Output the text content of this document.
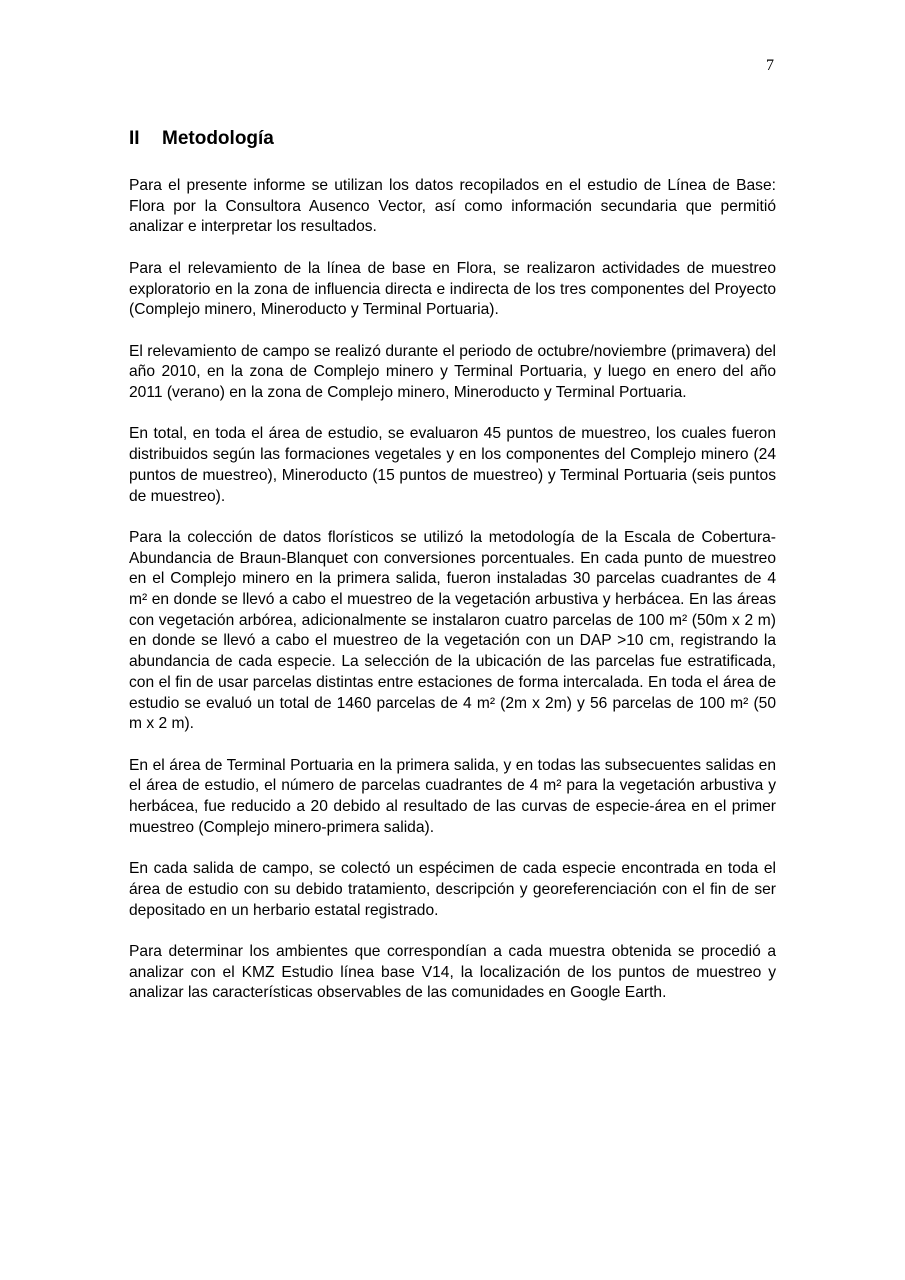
7
II Metodología

Para el presente informe se utilizan los datos recopilados en el estudio de Línea de Base: Flora por la Consultora Ausenco Vector, así como información secundaria que permitió analizar e interpretar los resultados.

Para el relevamiento de la línea de base en Flora, se realizaron actividades de muestreo exploratorio en la zona de influencia directa e indirecta de los tres componentes del Proyecto (Complejo minero, Mineroducto y Terminal Portuaria).

El relevamiento de campo se realizó durante el periodo de octubre/noviembre (primavera) del año 2010, en la zona de Complejo minero y Terminal Portuaria, y luego en enero del año 2011 (verano) en la zona de Complejo minero, Mineroducto y Terminal Portuaria.

En total, en toda el área de estudio, se evaluaron 45 puntos de muestreo, los cuales fueron distribuidos según las formaciones vegetales y en los componentes del Complejo minero (24 puntos de muestreo), Mineroducto (15 puntos de muestreo) y Terminal Portuaria (seis puntos de muestreo).

Para la colección de datos florísticos se utilizó la metodología de la Escala de Cobertura-Abundancia de Braun-Blanquet con conversiones porcentuales. En cada punto de muestreo en el Complejo minero en la primera salida, fueron instaladas 30 parcelas cuadrantes de 4 m² en donde se llevó a cabo el muestreo de la vegetación arbustiva y herbácea. En las áreas con vegetación arbórea, adicionalmente se instalaron cuatro parcelas de 100 m² (50m x 2 m) en donde se llevó a cabo el muestreo de la vegetación con un DAP >10 cm, registrando la abundancia de cada especie. La selección de la ubicación de las parcelas fue estratificada, con el fin de usar parcelas distintas entre estaciones de forma intercalada. En toda el área de estudio se evaluó un total de 1460 parcelas de 4 m² (2m x 2m) y 56 parcelas de 100 m² (50 m x 2 m).

En el área de Terminal Portuaria en la primera salida, y en todas las subsecuentes salidas en el área de estudio, el número de parcelas cuadrantes de 4 m² para la vegetación arbustiva y herbácea, fue reducido a 20 debido al resultado de las curvas de especie-área en el primer muestreo (Complejo minero-primera salida).

En cada salida de campo, se colectó un espécimen de cada especie encontrada en toda el área de estudio con su debido tratamiento, descripción y georeferenciación con el fin de ser depositado en un herbario estatal registrado.

Para determinar los ambientes que correspondían a cada muestra obtenida se procedió a analizar con el KMZ Estudio línea base V14, la localización de los puntos de muestreo y analizar las características observables de las comunidades en Google Earth.
